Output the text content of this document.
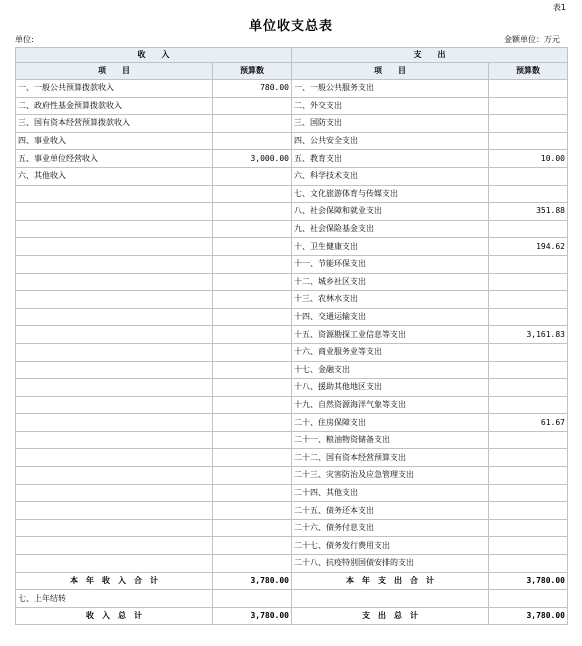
表1
单位收支总表
单位:	金额单位：万元
收　　入		支　　出	
项　　目	预算数	项　　目	预算数
一、一般公共预算拨款收入	780.00	一、一般公共服务支出	
二、政府性基金预算拨款收入		二、外交支出	
三、国有资本经营预算拨款收入		三、国防支出	
四、事业收入		四、公共安全支出	
五、事业单位经营收入	3,000.00	五、教育支出	10.00
六、其他收入		六、科学技术支出	
		七、文化旅游体育与传媒支出	
		八、社会保障和就业支出	351.88
		九、社会保险基金支出	
		十、卫生健康支出	194.62
		十一、节能环保支出	
		十二、城乡社区支出	
		十三、农林水支出	
		十四、交通运输支出	
		十五、资源勘探工业信息等支出	3,161.83
		十六、商业服务业等支出	
		十七、金融支出	
		十八、援助其他地区支出	
		十九、自然资源海洋气象等支出	
		二十、住房保障支出	61.67
		二十一、粮油物资储备支出	
		二十二、国有资本经营预算支出	
		二十三、灾害防治及应急管理支出	
		二十四、其他支出	
		二十五、债务还本支出	
		二十六、债务付息支出	
		二十七、债务发行费用支出	
		二十八、抗疫特别国债安排的支出	
本　年　收　入　合　计	3,780.00	本　年　支　出　合　计	3,780.00
七、上年结转			
收　入　总　计	3,780.00	支　出　总　计	3,780.00
